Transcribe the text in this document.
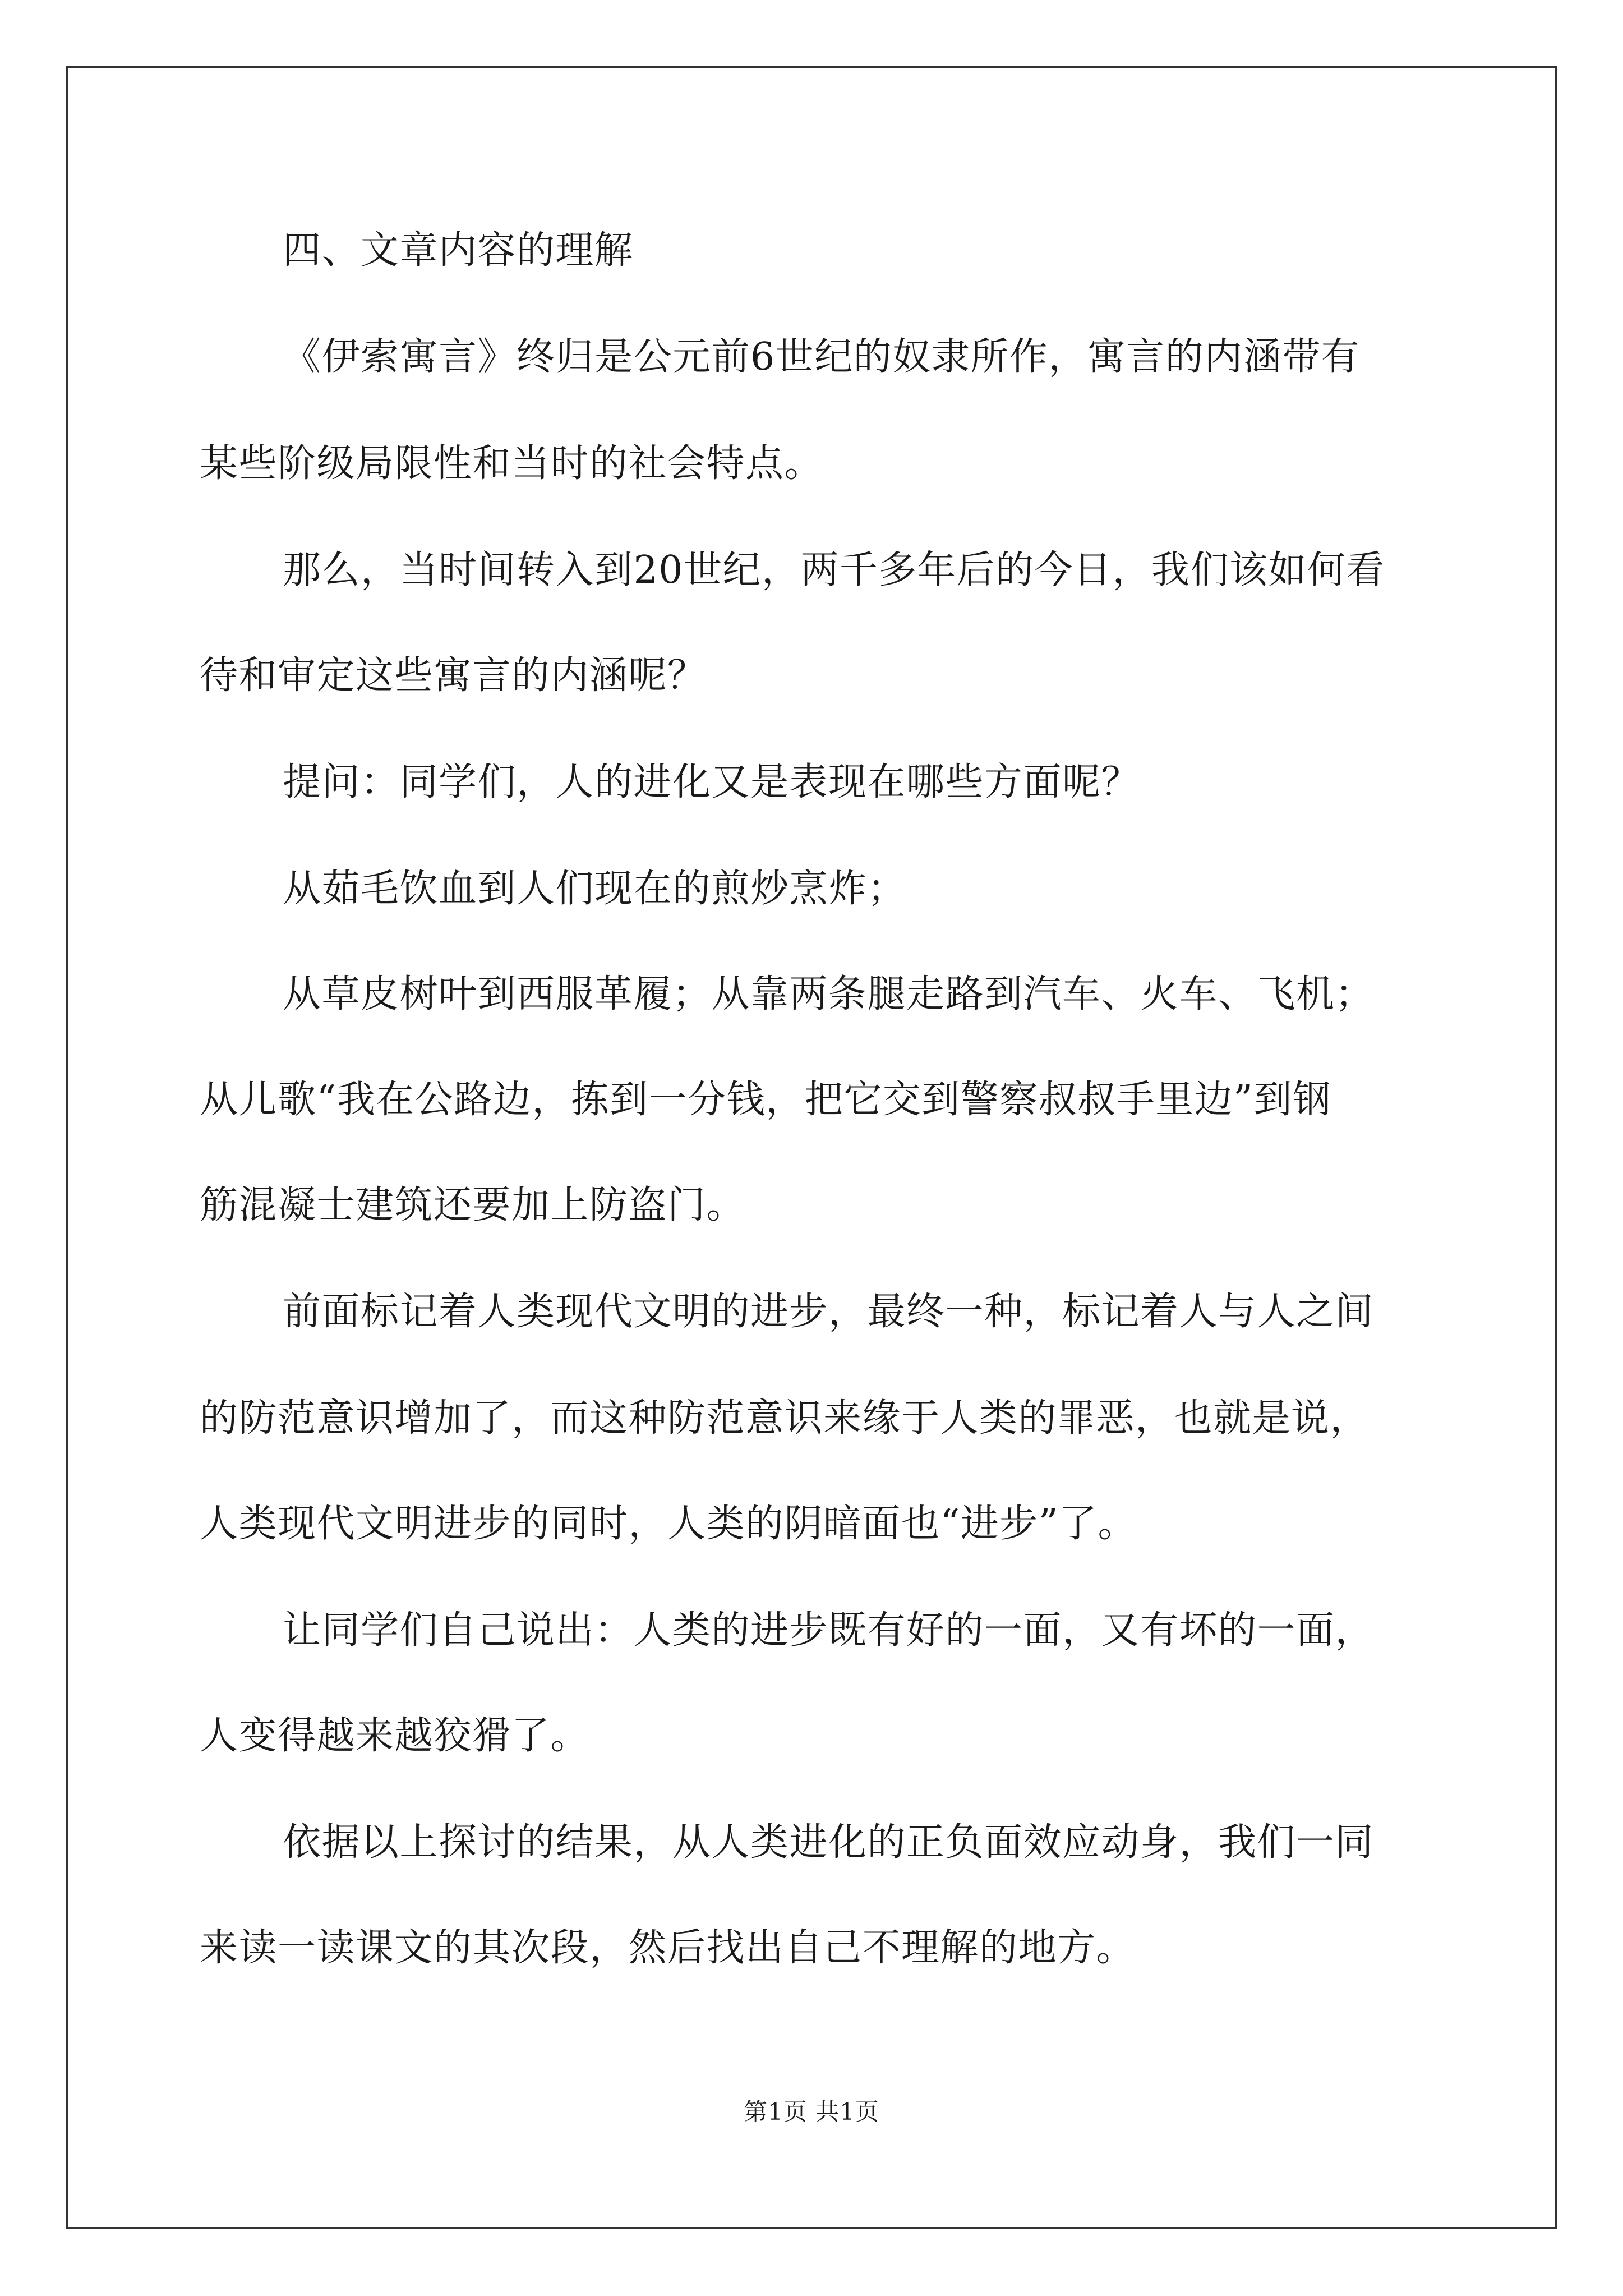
四、文章内容的理解
《伊索寓言》终归是公元前6世纪的奴隶所作，寓言的内涵带有
某些阶级局限性和当时的社会特点。
那么，当时间转入到20世纪，两千多年后的今日，我们该如何看
待和审定这些寓言的内涵呢？
提问：同学们，人的进化又是表现在哪些方面呢？
从茹毛饮血到人们现在的煎炒烹炸；
从草皮树叶到西服革履；从靠两条腿走路到汽车、火车、飞机；
从儿歌“我在公路边，拣到一分钱，把它交到警察叔叔手里边”到钢
筋混凝士建筑还要加上防盗门。
前面标记着人类现代文明的进步，最终一种，标记着人与人之间
的防范意识增加了，而这种防范意识来缘于人类的罪恶，也就是说，
人类现代文明进步的同时，人类的阴暗面也“进步”了。
让同学们自己说出：人类的进步既有好的一面，又有坏的一面，
人变得越来越狡猾了。
依据以上探讨的结果，从人类进化的正负面效应动身，我们一同
来读一读课文的其次段，然后找出自己不理解的地方。
第1页 共1页
